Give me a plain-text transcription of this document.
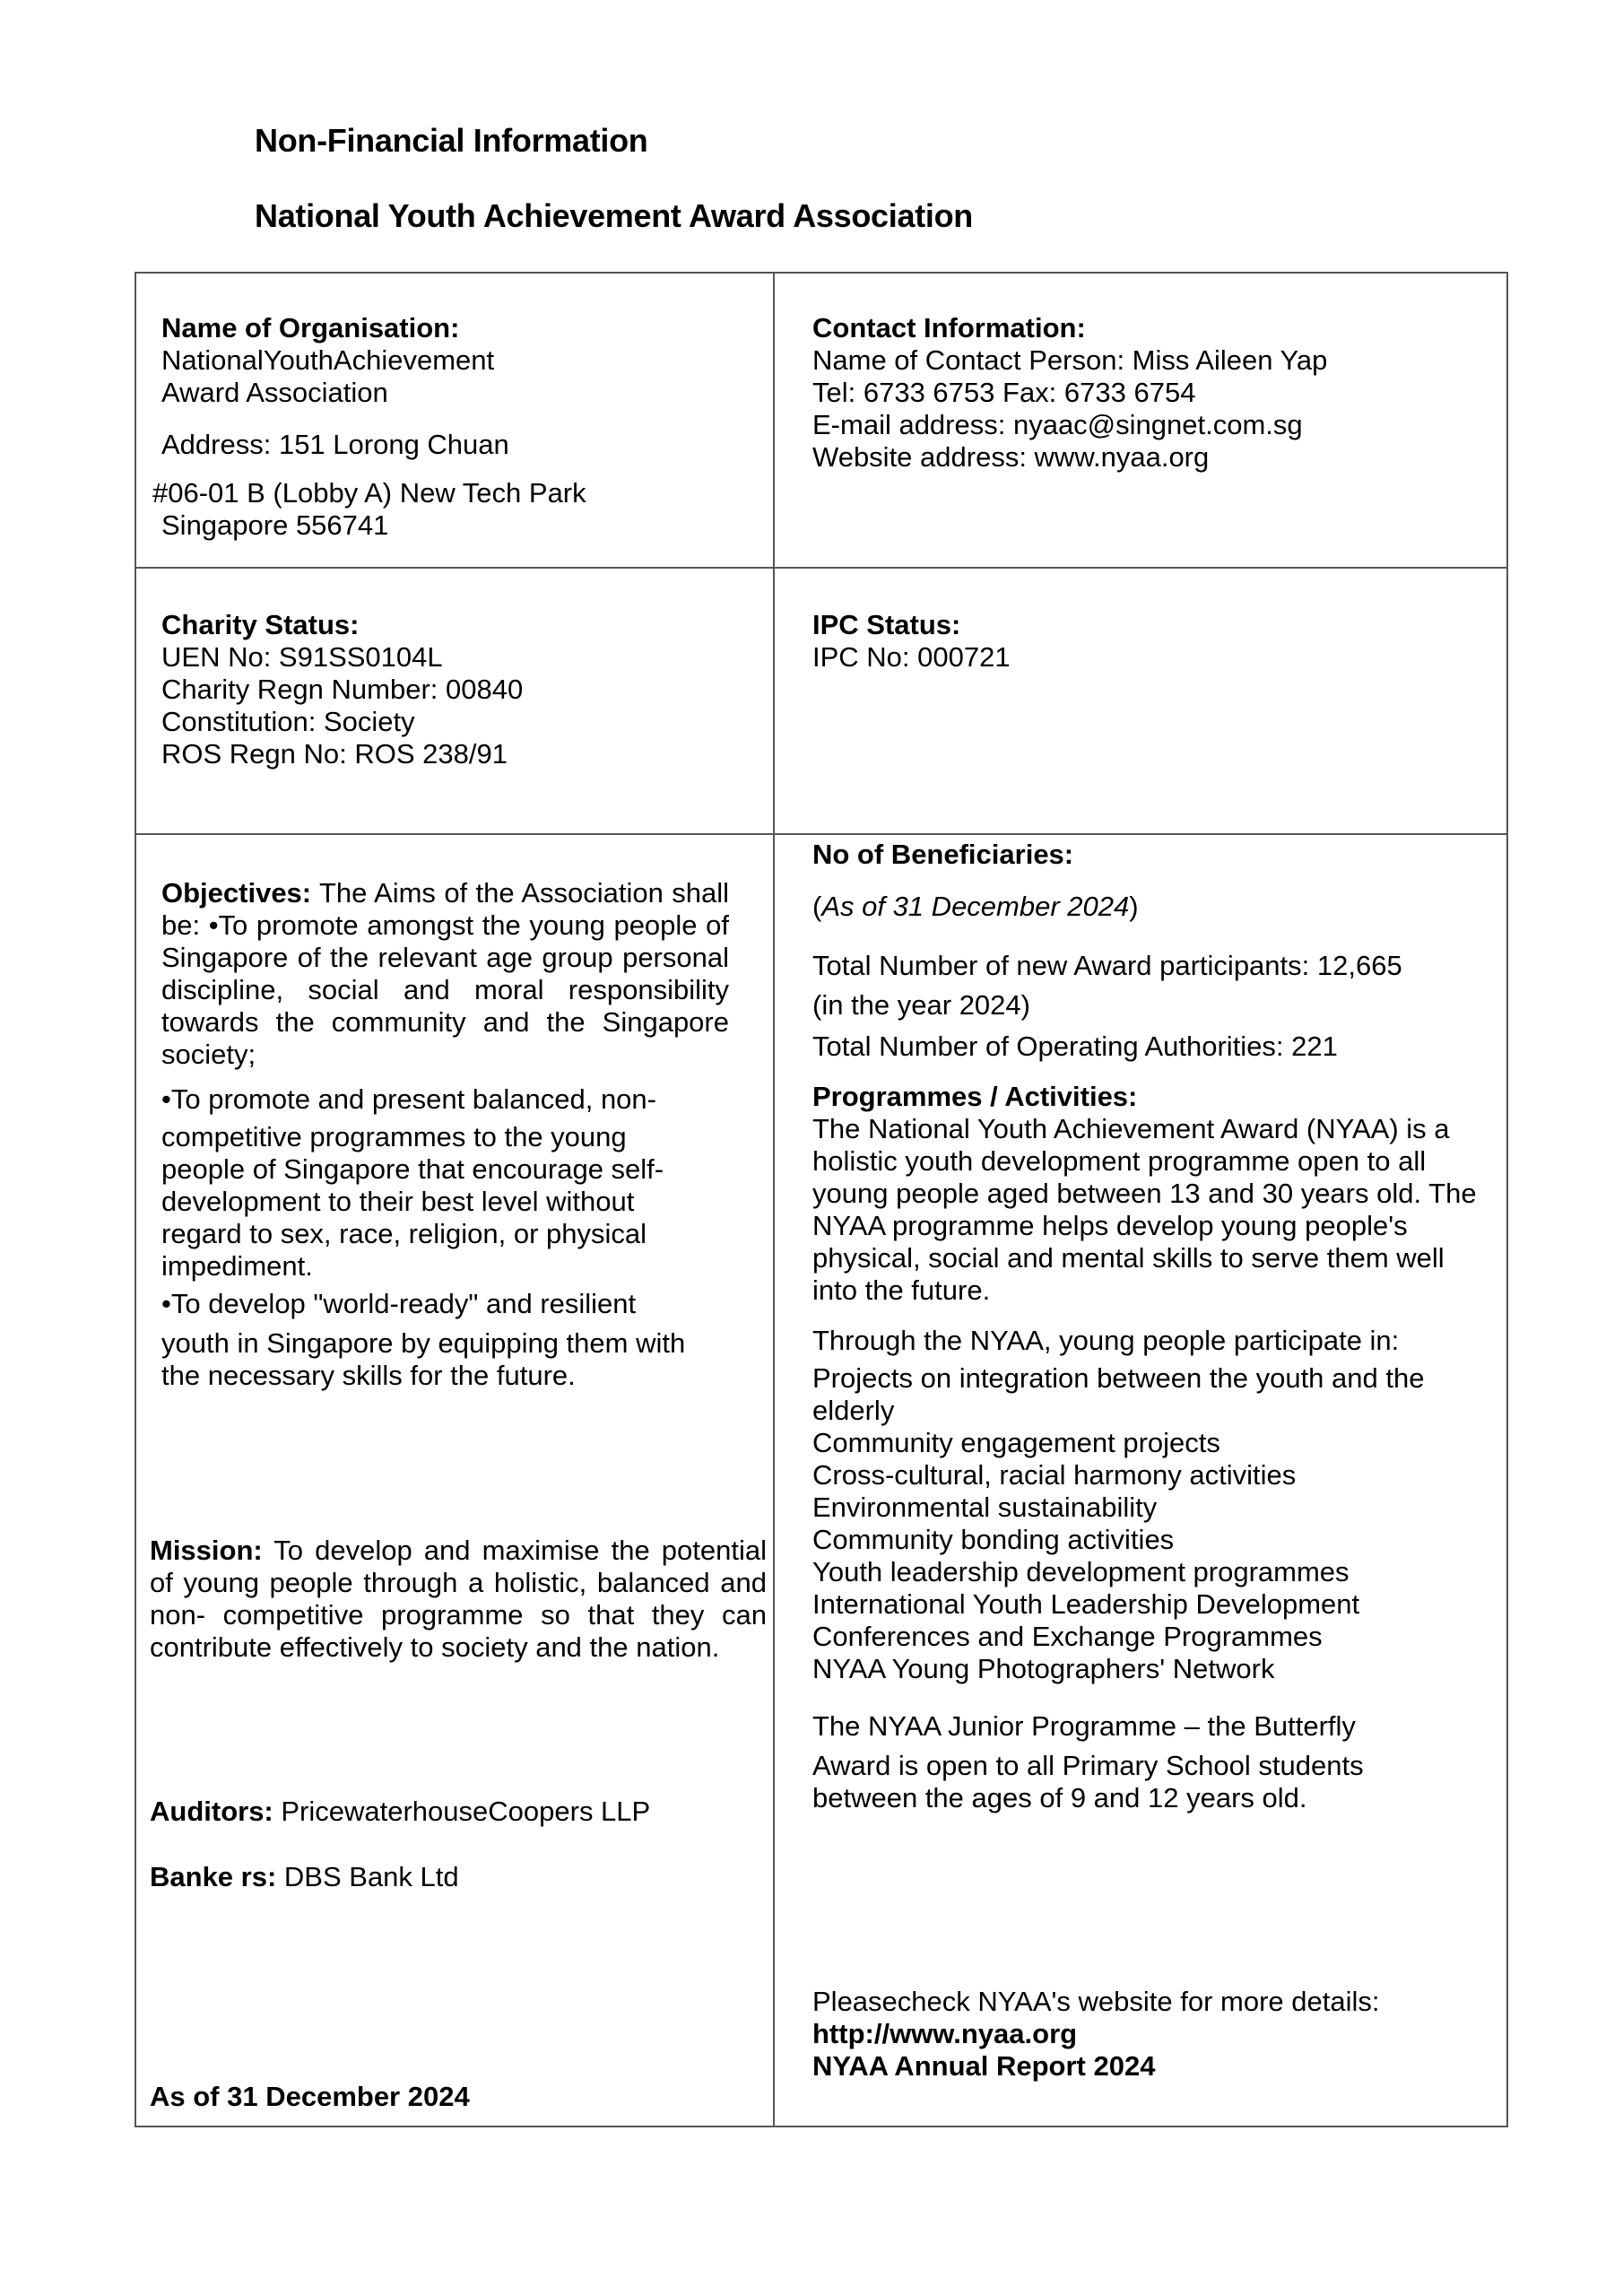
Non-Financial Information
National Youth Achievement Award Association

Name of Organisation:

NationalYouthAchievement

Award Association

Address: 151 Lorong Chuan

#06-01 B (Lobby A) New Tech Park

Singapore 556741

Contact Information:

Name of Contact Person: Miss Aileen Yap

Tel: 6733 6753 Fax: 6733 6754

E-mail address: nyaac@singnet.com.sg

Website address: www.nyaa.org

Charity Status:

UEN No: S91SS0104L

Charity Regn Number: 00840

Constitution: Society

ROS Regn No: ROS 238/91

IPC Status:

IPC No: 000721

Objectives: The Aims of the Association shall be: •To promote amongst the young people of Singapore of the relevant age group personal discipline, social and moral responsibility towards the community and the Singapore society;

•To promote and present balanced, non-

competitive programmes to the young people of Singapore that encourage self-development to their best level without regard to sex, race, religion, or physical impediment.

•To develop "world-ready" and resilient

youth in Singapore by equipping them with the necessary skills for the future.

Mission: To develop and maximise the potential of young people through a holistic, balanced and non- competitive programme so that they can contribute effectively to society and the nation.
Auditors: PricewaterhouseCoopers LLP
Banke rs: DBS Bank Ltd
As of 31 December 2024

No of Beneficiaries:

(As of 31 December 2024)

Total Number of new Award participants: 12,665

(in the year 2024)

Total Number of Operating Authorities: 221

Programmes / Activities:

The National Youth Achievement Award (NYAA) is a holistic youth development programme open to all young people aged between 13 and 30 years old. The NYAA programme helps develop young people's physical, social and mental skills to serve them well into the future.

Through the NYAA, young people participate in:

Projects on integration between the youth and the elderly

Community engagement projects

Cross-cultural, racial harmony activities

Environmental sustainability

Community bonding activities

Youth leadership development programmes

International Youth Leadership Development Conferences and Exchange Programmes

NYAA Young Photographers' Network

The NYAA Junior Programme – the Butterfly

Award is open to all Primary School students between the ages of 9 and 12 years old.

Pleasecheck NYAA's website for more details:

http://www.nyaa.org

NYAA Annual Report 2024
